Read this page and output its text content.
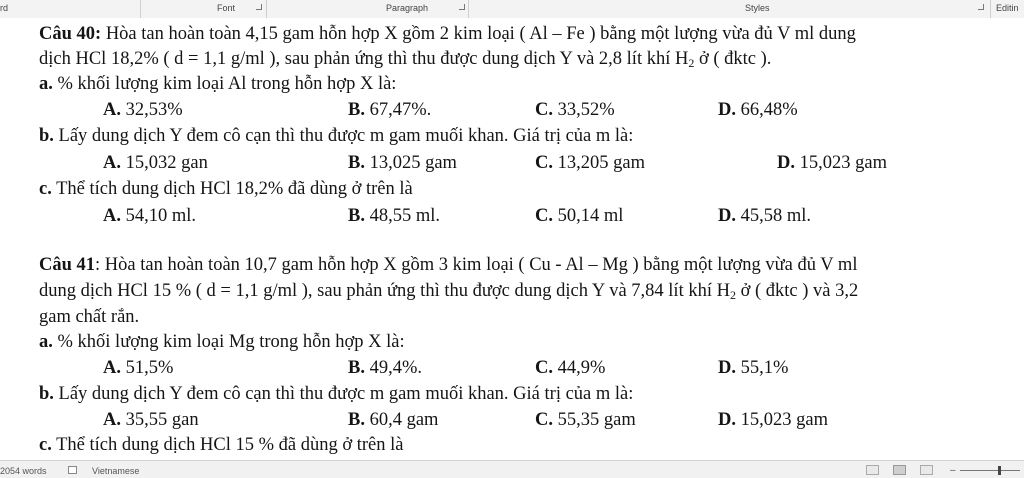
rd	Font	Paragraph	Styles	Editin
Câu 40: Hòa tan hoàn toàn 4,15 gam hỗn hợp X gồm 2 kim loại ( Al – Fe ) bằng một lượng vừa đủ V ml dung
dịch HCl 18,2% ( d = 1,1 g/ml ), sau phản ứng thì thu được dung dịch Y và 2,8 lít khí $H_2$ ở ( đktc ).
a. % khối lượng kim loại Al trong hỗn hợp X là:
A. 32,53%	B. 67,47%.	C. 33,52%	D. 66,48%
b. Lấy dung dịch Y đem cô cạn thì thu được m gam muối khan. Giá trị của m là:
A. 15,032 gan	B. 13,025 gam	C. 13,205 gam	D. 15,023 gam
c. Thể tích dung dịch HCl 18,2% đã dùng ở trên là
A. 54,10 ml.	B. 48,55 ml.	C. 50,14 ml	D. 45,58 ml.
Câu 41: Hòa tan hoàn toàn 10,7 gam hỗn hợp X gồm 3 kim loại ( Cu - Al – Mg ) bằng một lượng vừa đủ V ml
dung dịch HCl 15 % ( d = 1,1 g/ml ), sau phản ứng thì thu được dung dịch Y và 7,84 lít khí $H_2$ ở ( đktc ) và 3,2
gam chất rắn.
a. % khối lượng kim loại Mg trong hỗn hợp X là:
A. 51,5%	B. 49,4%.	C. 44,9%	D. 55,1%
b. Lấy dung dịch Y đem cô cạn thì thu được m gam muối khan. Giá trị của m là:
A. 35,55 gan	B. 60,4 gam	C. 55,35 gam	D. 15,023 gam
c. Thể tích dung dịch HCl 15 % đã dùng ở trên là
2054 words	Vietnamese	–
